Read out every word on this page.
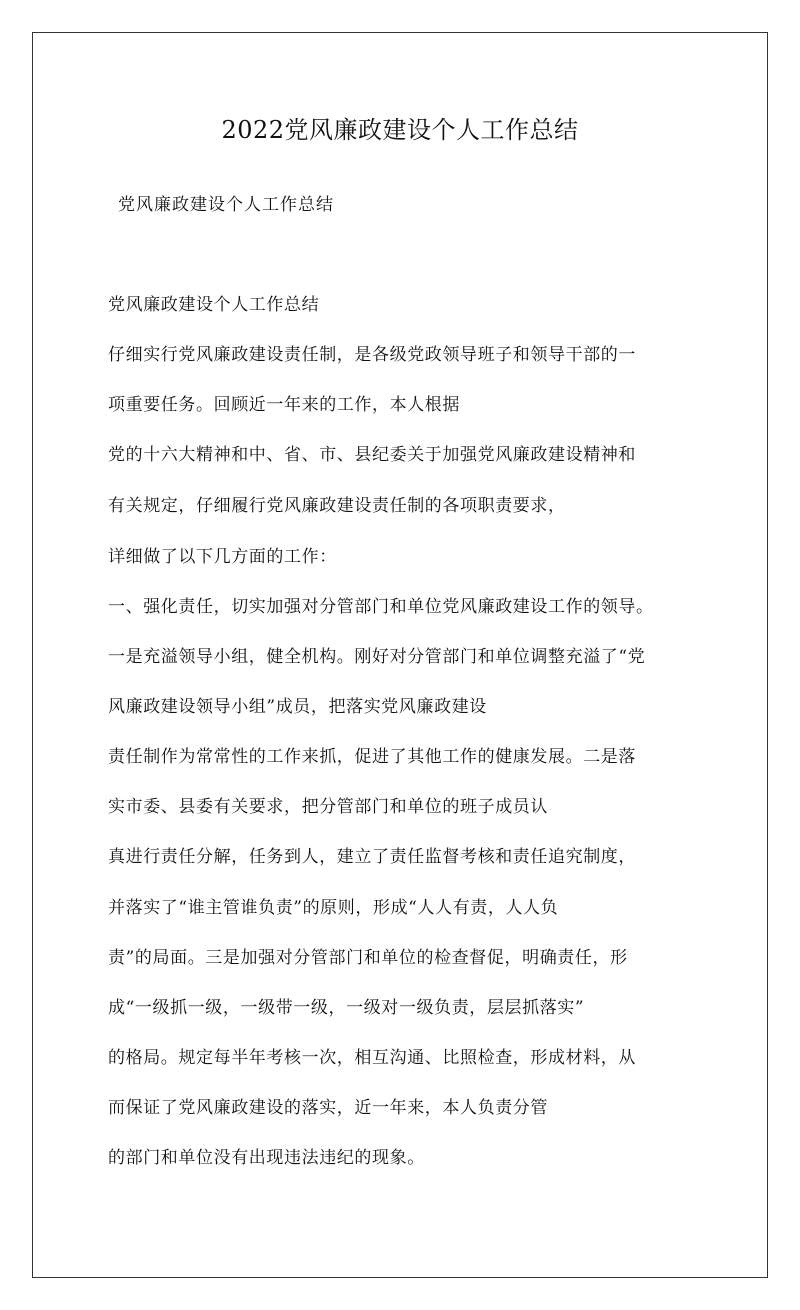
2022党风廉政建设个人工作总结

党风廉政建设个人工作总结

党风廉政建设个人工作总结

仔细实行党风廉政建设责任制，是各级党政领导班子和领导干部的一

项重要任务。回顾近一年来的工作，本人根据

党的十六大精神和中、省、市、县纪委关于加强党风廉政建设精神和

有关规定，仔细履行党风廉政建设责任制的各项职责要求，

详细做了以下几方面的工作：

一、强化责任，切实加强对分管部门和单位党风廉政建设工作的领导。

一是充溢领导小组，健全机构。刚好对分管部门和单位调整充溢了“党

风廉政建设领导小组”成员，把落实党风廉政建设

责任制作为常常性的工作来抓，促进了其他工作的健康发展。二是落

实市委、县委有关要求，把分管部门和单位的班子成员认

真进行责任分解，任务到人，建立了责任监督考核和责任追究制度，

并落实了“谁主管谁负责”的原则，形成“人人有责，人人负

责”的局面。三是加强对分管部门和单位的检查督促，明确责任，形

成“一级抓一级，一级带一级，一级对一级负责，层层抓落实”

的格局。规定每半年考核一次，相互沟通、比照检查，形成材料，从

而保证了党风廉政建设的落实，近一年来，本人负责分管

的部门和单位没有出现违法违纪的现象。
